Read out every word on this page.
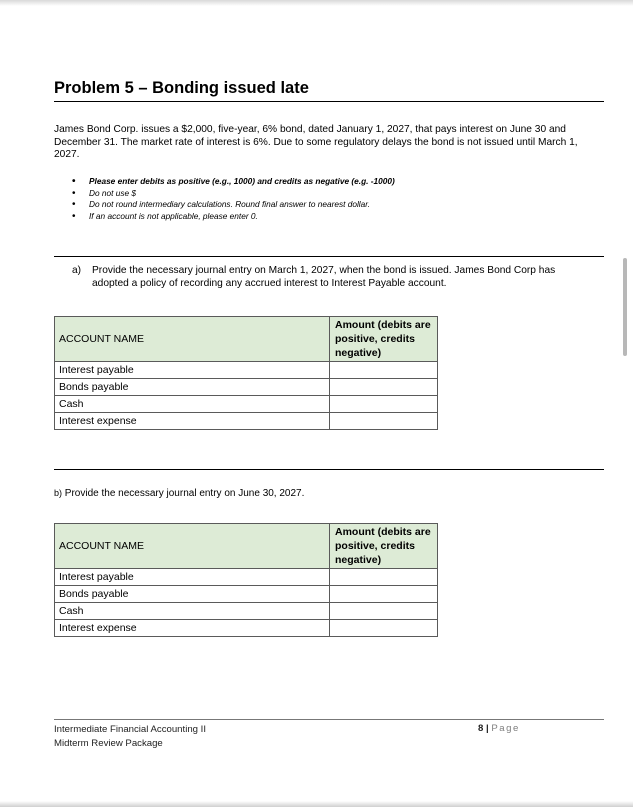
Problem 5 – Bonding issued late
James Bond Corp. issues a $2,000, five-year, 6% bond, dated January 1, 2027, that pays interest on June 30 and December 31. The market rate of interest is 6%. Due to some regulatory delays the bond is not issued until March 1, 2027.
• Please enter debits as positive (e.g., 1000) and credits as negative (e.g. -1000)
• Do not use $
• Do not round intermediary calculations. Round final answer to nearest dollar.
• If an account is not applicable, please enter 0.
a)	Provide the necessary journal entry on March 1, 2027, when the bond is issued. James Bond Corp has adopted a policy of recording any accrued interest to Interest Payable account.
ACCOUNT NAME	Amount (debits are positive, credits negative)
Interest payable	
Bonds payable	
Cash	
Interest expense	
b) Provide the necessary journal entry on June 30, 2027.
ACCOUNT NAME	Amount (debits are positive, credits negative)
Interest payable	
Bonds payable	
Cash	
Interest expense	
Intermediate Financial Accounting II
Midterm Review Package
8 | Page
